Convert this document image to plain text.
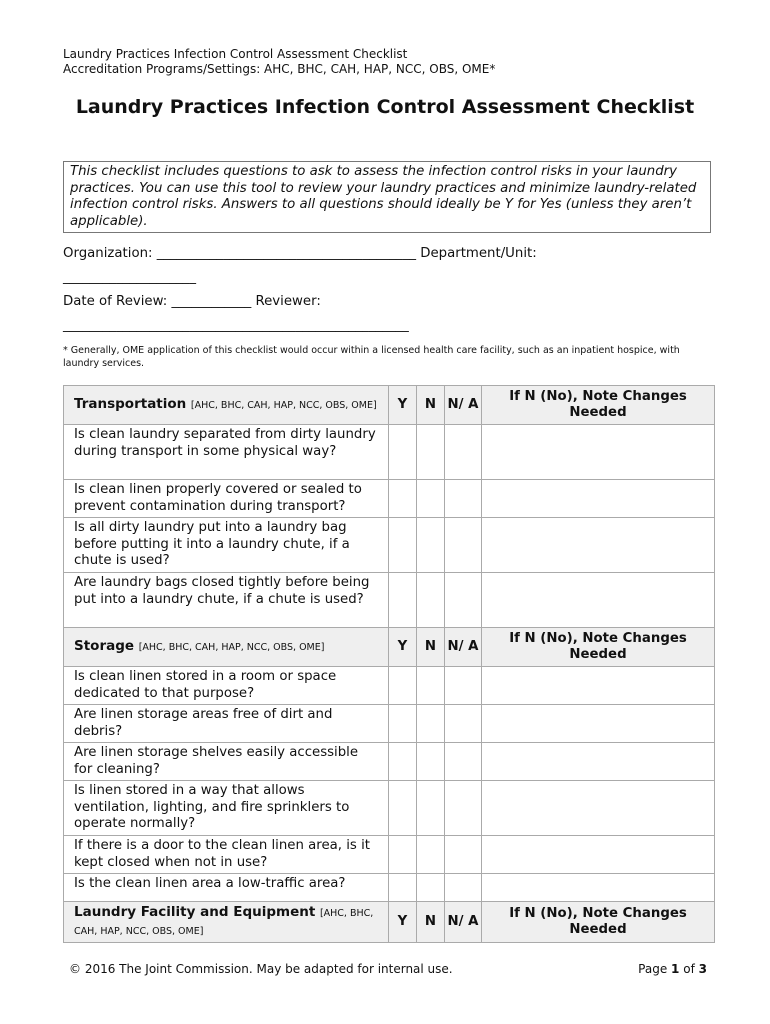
Laundry Practices Infection Control Assessment Checklist
Accreditation Programs/Settings: AHC, BHC, CAH, HAP, NCC, OBS, OME*
Laundry Practices Infection Control Assessment Checklist
This checklist includes questions to ask to assess the infection control risks in your laundry practices. You can use this tool to review your laundry practices and minimize laundry-related infection control risks. Answers to all questions should ideally be Y for Yes (unless they aren’t applicable).
Organization: _______________________________________ Department/Unit:
____________________
Date of Review: ____________ Reviewer:
____________________________________________________
* Generally, OME application of this checklist would occur within a licensed health care facility, such as an inpatient hospice, with laundry services.
Transportation [AHC, BHC, CAH, HAP, NCC, OBS, OME]	Y	N	N/ A	If N (No), Note Changes Needed
Is clean laundry separated from dirty laundry during transport in some physical way?				
Is clean linen properly covered or sealed to prevent contamination during transport?				
Is all dirty laundry put into a laundry bag before putting it into a laundry chute, if a chute is used?				
Are laundry bags closed tightly before being put into a laundry chute, if a chute is used?				
Storage [AHC, BHC, CAH, HAP, NCC, OBS, OME]	Y	N	N/ A	If N (No), Note Changes Needed
Is clean linen stored in a room or space dedicated to that purpose?				
Are linen storage areas free of dirt and debris?				
Are linen storage shelves easily accessible for cleaning?				
Is linen stored in a way that allows ventilation, lighting, and fire sprinklers to operate normally?				
If there is a door to the clean linen area, is it kept closed when not in use?				
Is the clean linen area a low-traffic area?				
Laundry Facility and Equipment [AHC, BHC, CAH, HAP, NCC, OBS, OME]	Y	N	N/ A	If N (No), Note Changes Needed
© 2016 The Joint Commission. May be adapted for internal use.	Page 1 of 3
